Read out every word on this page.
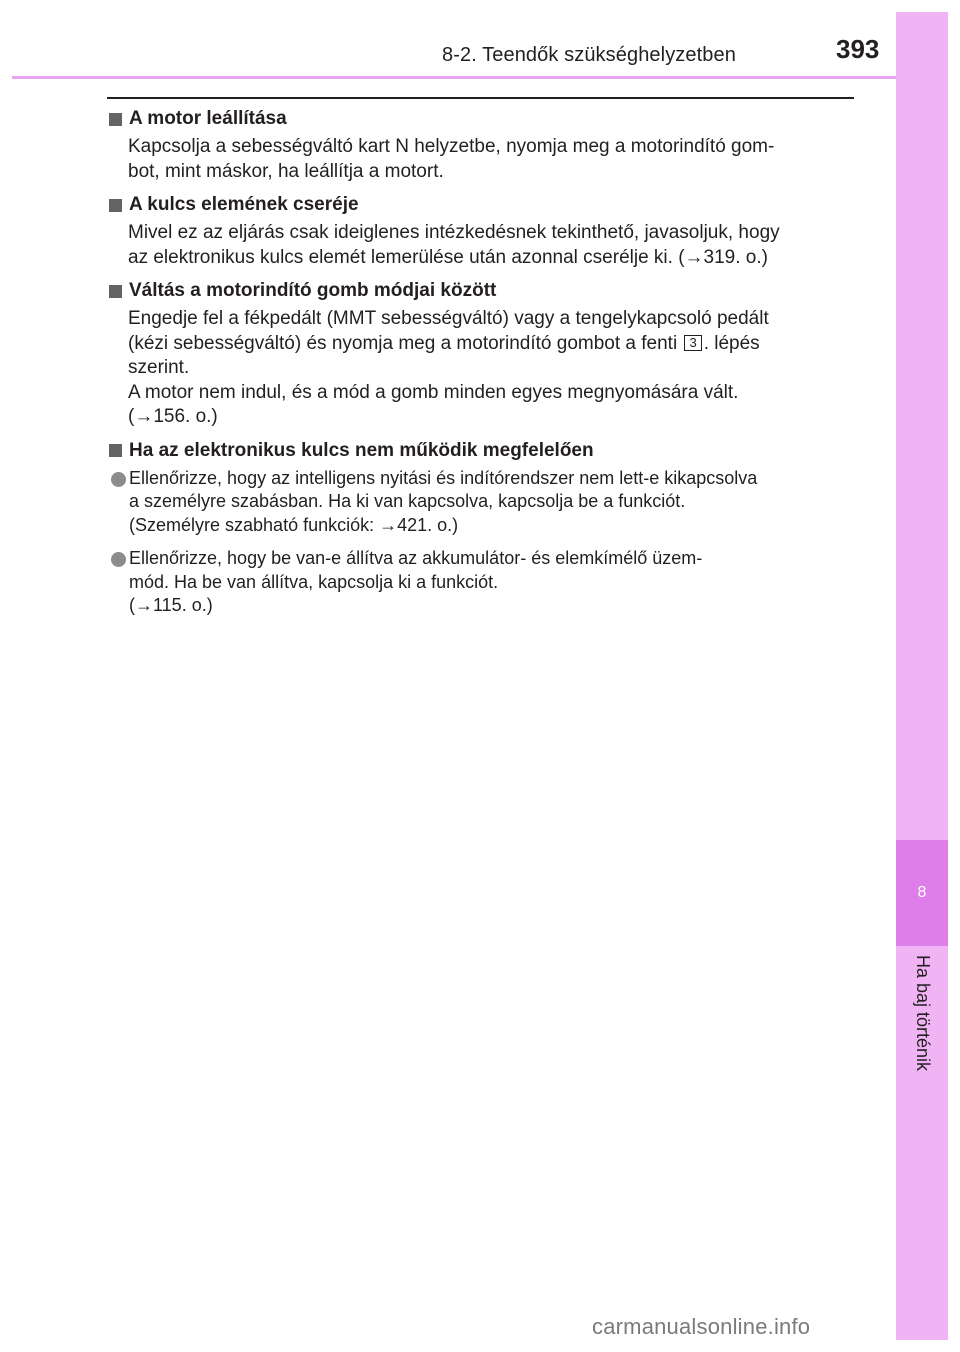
8-2. Teendők szükséghelyzetben	393
8
Ha baj történik
A motor leállítása
Kapcsolja a sebességváltó kart N helyzetbe, nyomja meg a motorindító gom-
bot, mint máskor, ha leállítja a motort.
A kulcs elemének cseréje
Mivel ez az eljárás csak ideiglenes intézkedésnek tekinthető, javasoljuk, hogy
az elektronikus kulcs elemét lemerülése után azonnal cserélje ki. (→319. o.)
Váltás a motorindító gomb módjai között
Engedje fel a fékpedált (MMT sebességváltó) vagy a tengelykapcsoló pedált
(kézi sebességváltó) és nyomja meg a motorindító gombot a fenti 3 . lépés
szerint.
A motor nem indul, és a mód a gomb minden egyes megnyomására vált.
(→156. o.)
Ha az elektronikus kulcs nem működik megfelelően
Ellenőrizze, hogy az intelligens nyitási és indítórendszer nem lett-e kikapcsolva
a személyre szabásban. Ha ki van kapcsolva, kapcsolja be a funkciót.
(Személyre szabható funkciók: →421. o.)
Ellenőrizze, hogy be van-e állítva az akkumulátor- és elemkímélő üzem-
mód. Ha be van állítva, kapcsolja ki a funkciót.
(→115. o.)
carmanualsonline.info
